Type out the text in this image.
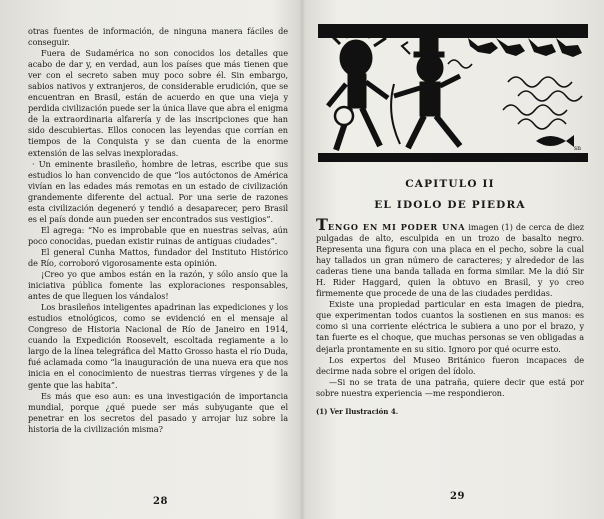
otras fuentes de información, de ninguna manera fáciles de conseguir.

Fuera de Sudamérica no son conocidos los detalles que acabo de dar y, en verdad, aun los países que más tienen que ver con el secreto saben muy poco sobre él. Sin embargo, sabios nativos y extranjeros, de considerable erudición, que se encuentran en Brasil, están de acuerdo en que una vieja y perdida civilización puede ser la única llave que abra el enigma de la extraordinaria alfarería y de las inscripciones que han sido descubiertas. Ellos conocen las leyendas que corrían en tiempos de la Conquista y se dan cuenta de la enorme extensión de las selvas inexploradas.

· Un eminente brasileño, hombre de letras, escribe que sus estudios lo han convencido de que “los autóctonos de América vivían en las edades más remotas en un estado de civilización grandemente diferente del actual. Por una serie de razones esta civilización degeneró y tendió a desaparecer, pero Brasil es el país donde aun pueden ser encontrados sus vestigios”.

El agrega: “No es improbable que en nuestras selvas, aún poco conocidas, puedan existir ruinas de antiguas ciudades”.

El general Cunha Mattos, fundador del Instituto Histórico de Río, corroboró vigorosamente esta opinión.

¡Creo yo que ambos están en la razón, y sólo ansío que la iniciativa pública fomente las exploraciones responsables, antes de que lleguen los vándalos!

Los brasileños inteligentes apadrinan las expediciones y los estudios etnológicos, como se evidenció en el mensaje al Congreso de Historia Nacional de Río de Janeiro en 1914, cuando la Expedición Roosevelt, escoltada regiamente a lo largo de la línea telegráfica del Matto Grosso hasta el río Duda, fué aclamada como “la inauguración de una nueva era que nos inicia en el conocimiento de nuestras tierras vírgenes y de la gente que las habita”.

Es más que eso aun: es una investigación de importancia mundial, porque ¿qué puede ser más subyugante que el penetrar en los secretos del pasado y arrojar luz sobre la historia de la civilización misma?

28
sn
CAPITULO II
EL IDOLO DE PIEDRA

TENGO EN MI PODER UNA imagen (1) de cerca de diez pulgadas de alto, esculpida en un trozo de basalto negro. Representa una figura con una placa en el pecho, sobre la cual hay tallados un gran número de caracteres; y alrededor de las caderas tiene una banda tallada en forma similar. Me la dió Sir H. Rider Haggard, quien la obtuvo en Brasil, y yo creo firmemente que procede de una de las ciudades perdidas.

Existe una propiedad particular en esta imagen de piedra, que experimentan todos cuantos la sostienen en sus manos: es como si una corriente eléctrica le subiera a uno por el brazo, y tan fuerte es el choque, que muchas personas se ven obligadas a dejarla prontamente en su sitio. Ignoro por qué ocurre esto.

Los expertos del Museo Británico fueron incapaces de decirme nada sobre el origen del ídolo.

—Si no se trata de una patraña, quiere decir que está por sobre nuestra experiencia —me respondieron.

(1) Ver Ilustración 4.
29
